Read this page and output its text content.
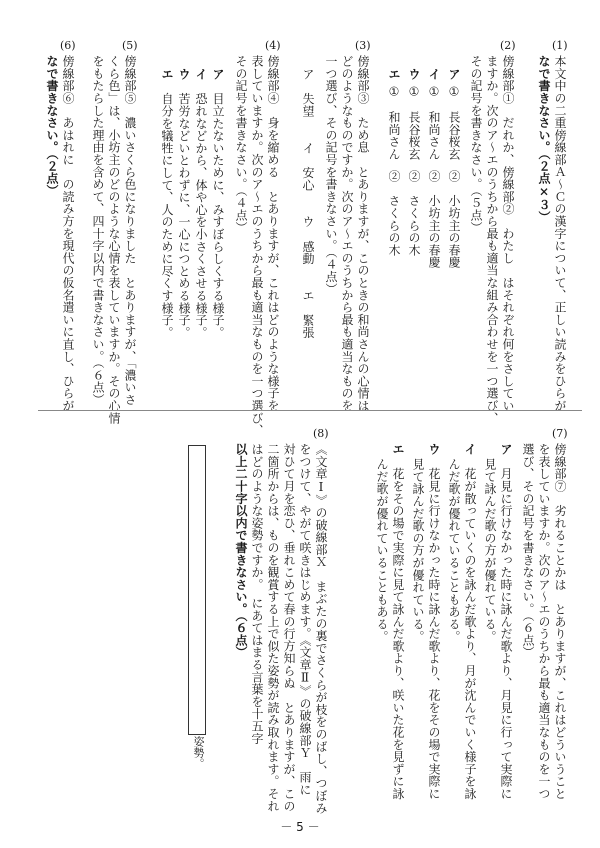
(1)
本文中の二重傍線部Ａ～Ｃの漢字について、正しい読みをひらが
なで書きなさい。（２点×３）
(2)
傍線部①　だれか、傍線部②　わたし　はそれぞれ何をさしてい
ますか。次のア～エのうちから最も適当な組み合わせを一つ選び、
その記号を書きなさい。（５点）
ア ①　長谷桜玄
②　小坊主の春慶
イ ①　和尚さん
②　小坊主の春慶
ウ ①　長谷桜玄
②　さくらの木
エ ①　和尚さん
②　さくらの木
(3)
傍線部③　ため息　とありますが、このときの和尚さんの心情は
どのようなものですか。次のア～エのうちから最も適当なものを
一つ選び、その記号を書きなさい。（４点）
ア　失望　　イ　安心　　ウ　感動　　エ　緊張
(4)
傍線部④　身を縮める　とありますが、これはどのような様子を
表していますか。次のア～エのうちから最も適当なものを一つ選び、
その記号を書きなさい。（４点）
ア　目立たないために、みすぼらしくする様子。
イ　恐れなどから、体や心を小さくさせる様子。
ウ　苦労などいとわずに、一心につとめる様子。
エ　自分を犠牲にして、人のために尽くす様子。
(5)
傍線部⑤　濃いさくら色になりました　とありますが、「濃いさ
くら色」は、小坊主のどのような心情を表していますか。その心情
をもたらした理由を含めて、四十字以内で書きなさい。（６点）
(6)
傍線部⑥　あはれに　の読み方を現代の仮名遣いに直し、ひらが
なで書きなさい。（２点）
(7)
傍線部⑦　劣れることかは　とありますが、これはどういうこと
を表していますか。次のア～エのうちから最も適当なものを一つ
選び、その記号を書きなさい。（６点）
ア　月見に行けなかった時に詠んだ歌より、月見に行って実際に
見て詠んだ歌の方が優れている。
イ　花が散っていくのを詠んだ歌より、月が沈んでいく様子を詠
んだ歌が優れていることもある。
ウ　花見に行けなかった時に詠んだ歌より、花をその場で実際に
見て詠んだ歌の方が優れている。
エ　花をその場で実際に見て詠んだ歌より、咲いた花を見ずに詠
んだ歌が優れていることもある。
(8)
《文章Ⅰ》の破線部Ｘ　まぶたの裏でさくらが枝をのばし、つぼみ
をつけて、やがて咲きはじめます。《文章Ⅱ》の破線部Ｙ　雨に
対ひて月を恋ひ、垂れこめて春の行方知らぬ　とありますが、この
二箇所からは、ものを観賞する上で似た姿勢が読み取れます。それ
はどのような姿勢ですか。　にあてはまる言葉を十五字
以上二十字以内で書きなさい。（６点）
姿勢。
－ 5 －
